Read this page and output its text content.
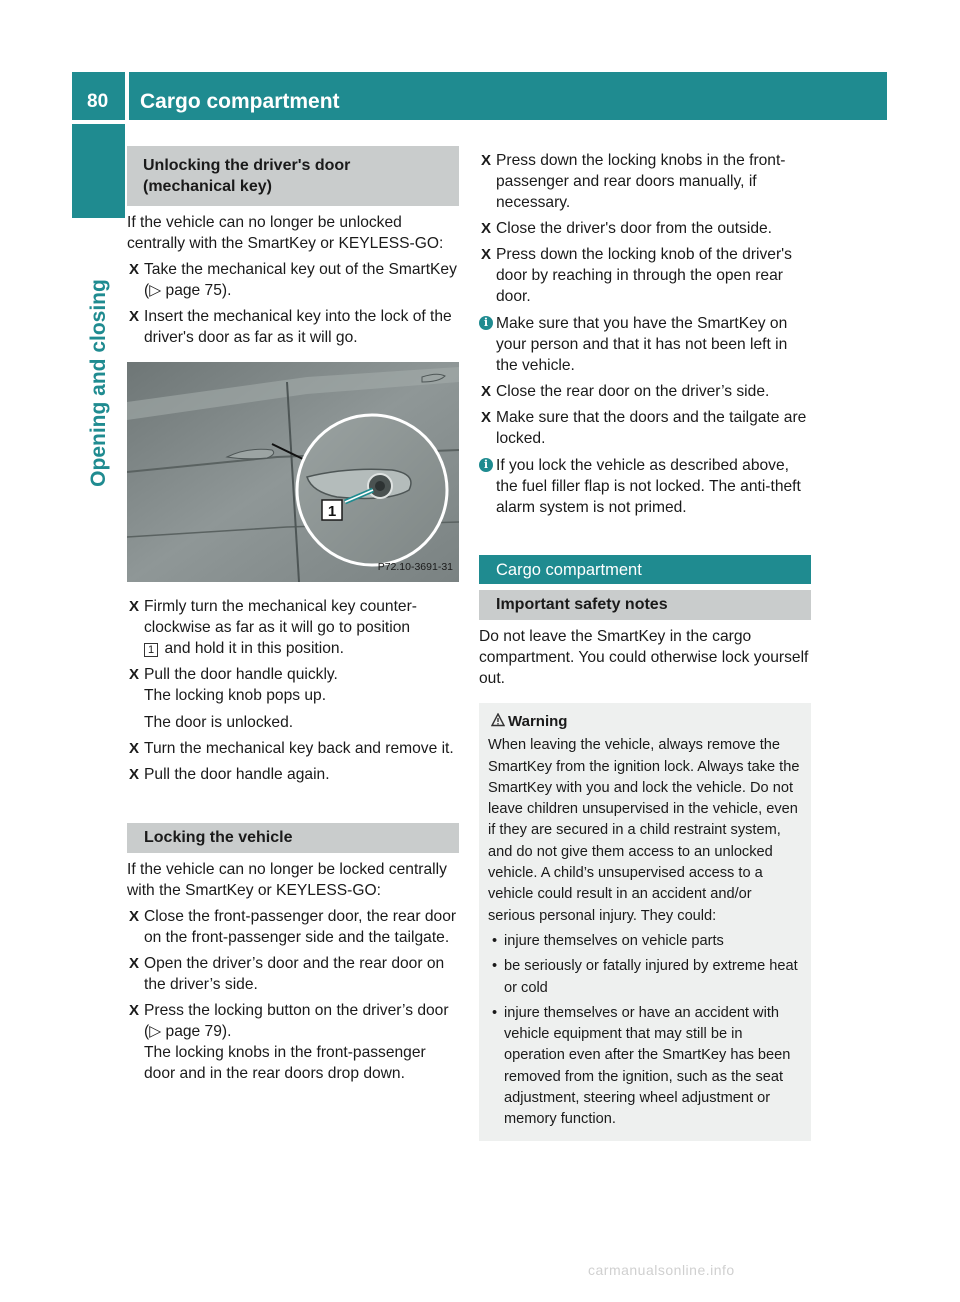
80	Cargo compartment
Opening and closing
Unlocking the driver's door (mechanical key)

If the vehicle can no longer be unlocked centrally with the SmartKey or KEYLESS-GO:

X Take the mechanical key out of the SmartKey (▷ page 75).
X Insert the mechanical key into the lock of the driver's door as far as it will go.
1
P72.10-3691-31
X Firmly turn the mechanical key counter-clockwise as far as it will go to position
1 and hold it in this position.
X Pull the door handle quickly.
The locking knob pops up.

The door is unlocked.

X Turn the mechanical key back and remove it.
X Pull the door handle again.
Locking the vehicle

If the vehicle can no longer be locked centrally with the SmartKey or KEYLESS-GO:

X Close the front-passenger door, the rear door on the front-passenger side and the tailgate.
X Open the driver’s door and the rear door on the driver’s side.
X Press the locking button on the driver’s door (▷ page 79).
The locking knobs in the front-passenger door and in the rear doors drop down.
X Press down the locking knobs in the front-passenger and rear doors manually, if necessary.
X Close the driver's door from the outside.
X Press down the locking knob of the driver's door by reaching in through the open rear door.
i Make sure that you have the SmartKey on your person and that it has not been left in the vehicle.
X Close the rear door on the driver’s side.
X Make sure that the doors and the tailgate are locked.
i If you lock the vehicle as described above, the fuel filler flap is not locked. The anti-theft alarm system is not primed.
Cargo compartment
Important safety notes

Do not leave the SmartKey in the cargo compartment. You could otherwise lock yourself out.

Warning

When leaving the vehicle, always remove the SmartKey from the ignition lock. Always take the SmartKey with you and lock the vehicle. Do not leave children unsupervised in the vehicle, even if they are secured in a child restraint system, and do not give them access to an unlocked vehicle. A child’s unsupervised access to a vehicle could result in an accident and/or serious personal injury. They could:

• injure themselves on vehicle parts
• be seriously or fatally injured by extreme heat or cold
• injure themselves or have an accident with vehicle equipment that may still be in operation even after the SmartKey has been removed from the ignition, such as the seat adjustment, steering wheel adjustment or memory function.
carmanualsonline.info
